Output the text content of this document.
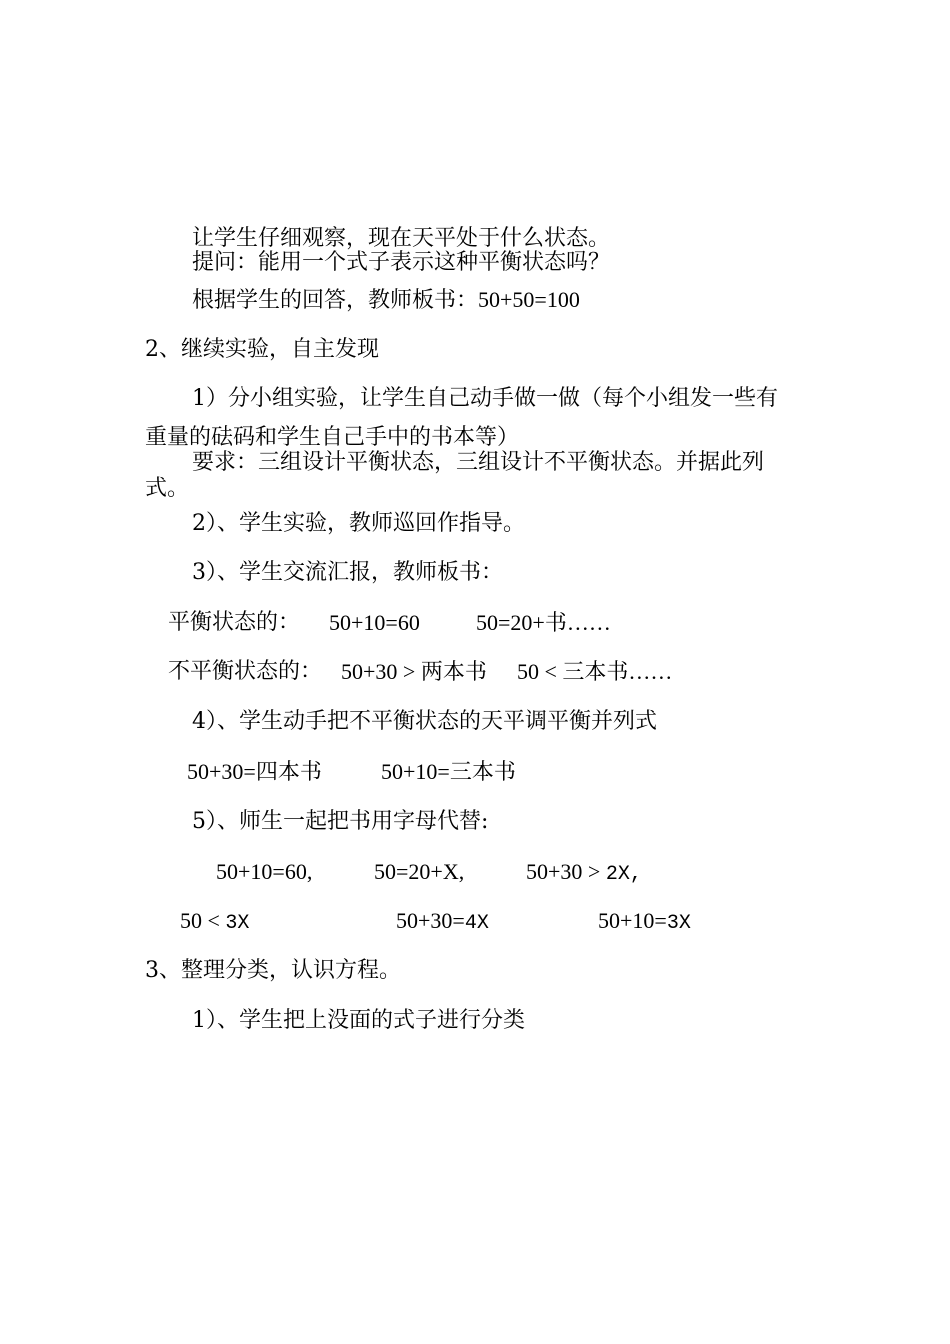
让学生仔细观察，现在天平处于什么状态。
提问：能用一个式子表示这种平衡状态吗？
根据学生的回答，教师板书：50+50=100
2、继续实验，自主发现
1）分小组实验，让学生自己动手做一做（每个小组发一些有
重量的砝码和学生自己手中的书本等）
要求：三组设计平衡状态，三组设计不平衡状态。并据此列
式。
2）、学生实验，教师巡回作指导。
3）、学生交流汇报，教师板书：
平衡状态的： 50+10=60	50=20+书……
不平衡状态的： 50+30 > 两本书 50 < 三本书……
4）、学生动手把不平衡状态的天平调平衡并列式
50+30=四本书	50+10=三本书
5）、师生一起把书用字母代替:
50+10=60,	50=20+X,	50+30 > 2X,
50 < 3X	50+30=4X	50+10=3X
3、整理分类，认识方程。
1）、学生把上没面的式子进行分类
